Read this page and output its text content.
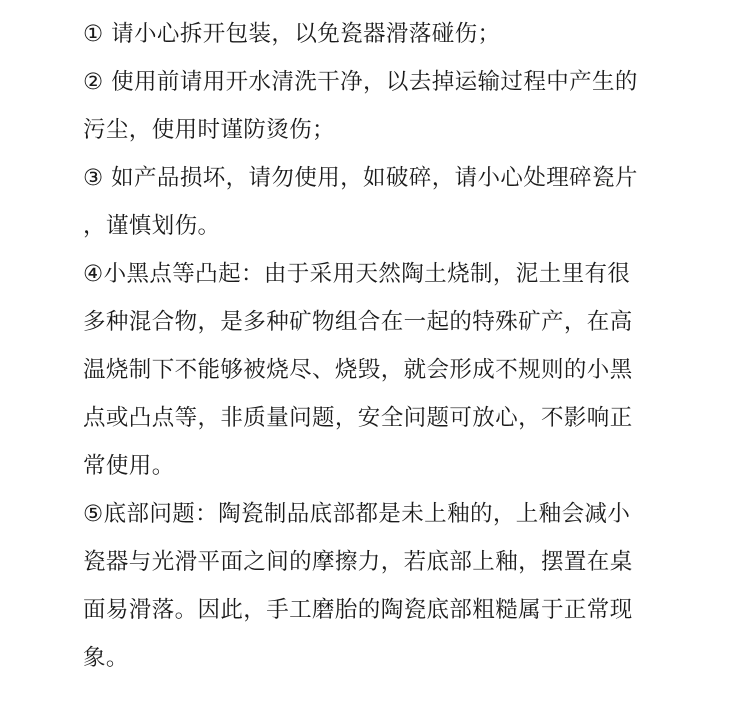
① 请小心拆开包装，以免瓷器滑落碰伤；
② 使用前请用开水清洗干净，以去掉运输过程中产生的
污尘，使用时谨防烫伤；
③ 如产品损坏，请勿使用，如破碎，请小心处理碎瓷片
，谨慎划伤。
④小黑点等凸起：由于采用天然陶土烧制，泥土里有很
多种混合物，是多种矿物组合在一起的特殊矿产，在高
温烧制下不能够被烧尽、烧毁，就会形成不规则的小黑
点或凸点等，非质量问题，安全问题可放心，不影响正
常使用。
⑤底部问题：陶瓷制品底部都是未上釉的，上釉会减小
瓷器与光滑平面之间的摩擦力，若底部上釉，摆置在桌
面易滑落。因此，手工磨胎的陶瓷底部粗糙属于正常现
象。
